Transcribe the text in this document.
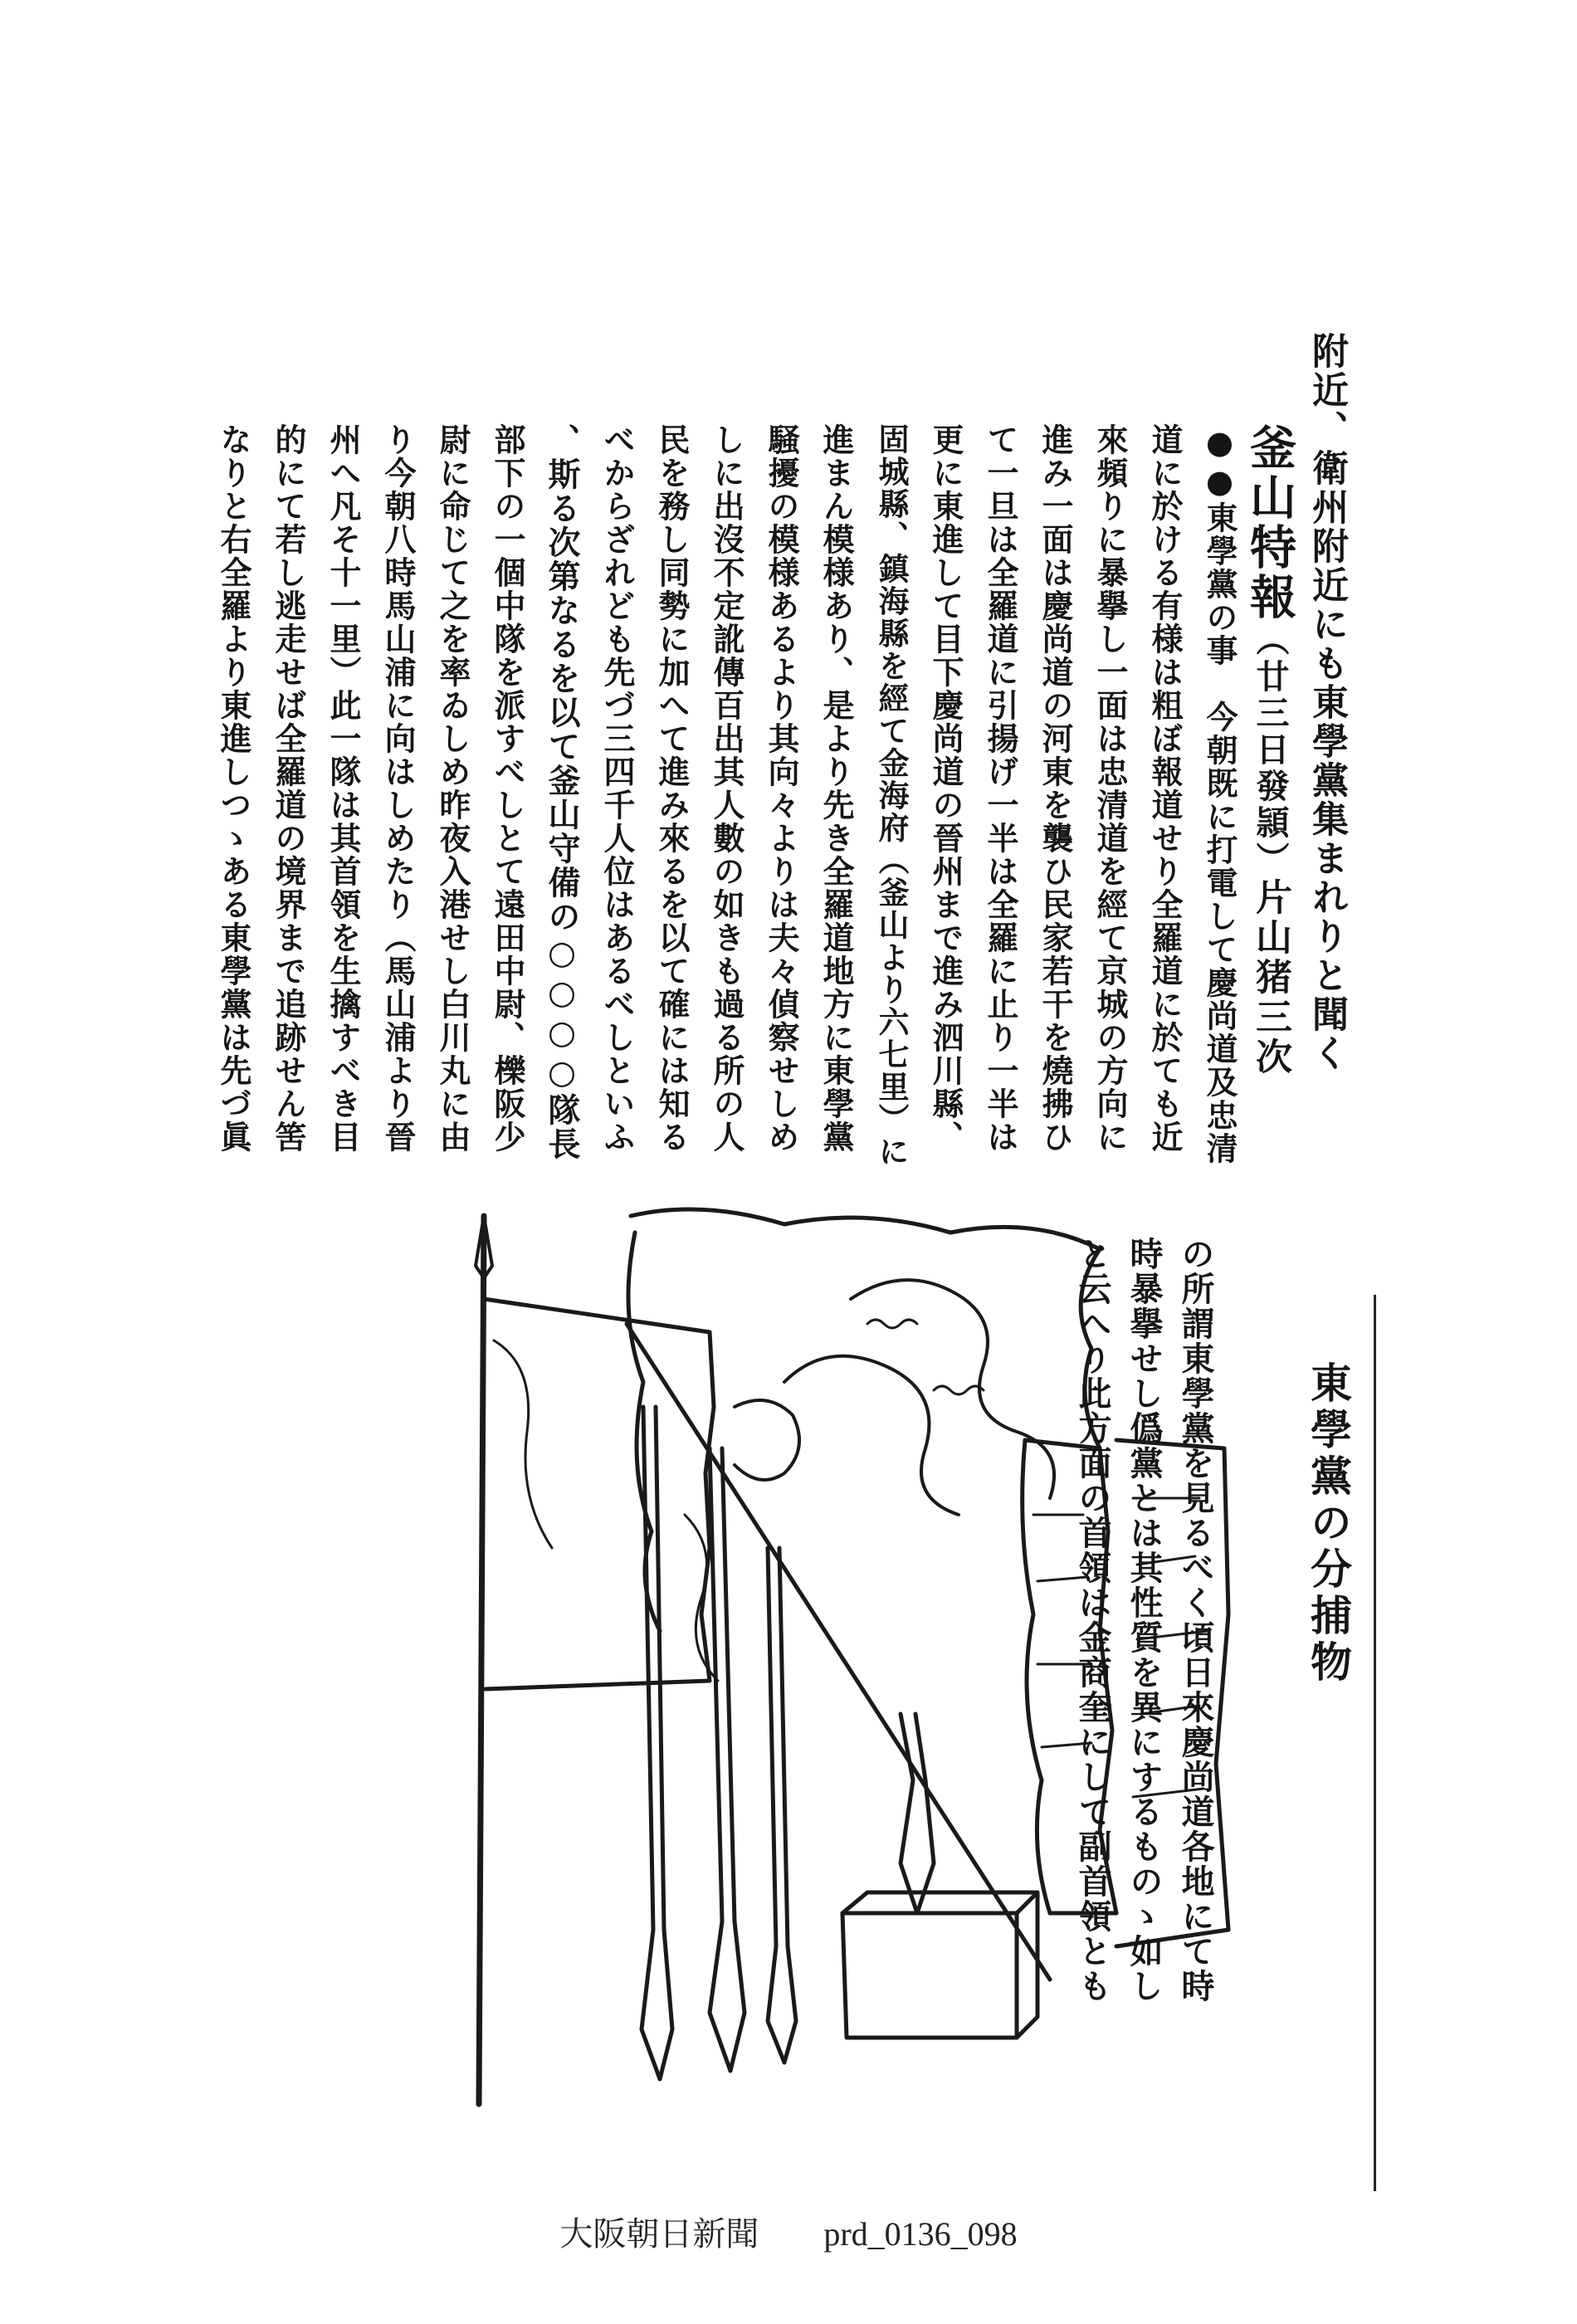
附近、衛州附近にも東學黨集まれりと聞く
釜山特報（廿三日發頴）片山猪三次
●●東學黨の事　今朝既に打電して慶尚道及忠清
道に於ける有様は粗ぼ報道せり全羅道に於ても近
來頻りに暴擧し一面は忠清道を經て京城の方向に
進み一面は慶尚道の河東を襲ひ民家若干を燒拂ひ
て一旦は全羅道に引揚げ一半は全羅に止り一半は
更に東進して目下慶尚道の晉州まで進み泗川縣、
固城縣、鎮海縣を經て金海府（釜山より六七里）に
進まん模様あり、是より先き全羅道地方に東學黨
騒擾の模様あるより其向々よりは夫々偵察せしめ
しに出沒不定訛傳百出其人數の如きも過る所の人
民を務し同勢に加へて進み來るを以て確には知る
べからざれども先づ三四千人位はあるべしといふ
、斯る次第なるを以て釜山守備の○○○○隊長
部下の一個中隊を派すべしとて遠田中尉、櫟阪少
尉に命じて之を率ゐしめ昨夜入港せし白川丸に由
り今朝八時馬山浦に向はしめたり（馬山浦より晉
州へ凡そ十一里）此一隊は其首領を生擒すべき目
的にて若し逃走せば全羅道の境界まで追跡せん筈
なりと右全羅より東進しつゝある東學黨は先づ眞
東學黨の分捕物
大阪朝日新聞 prd_0136_098
の所謂東學黨を見るべく頃日來慶尚道各地にて時
時暴擧せし僞黨とは其性質を異にするものゝ如し
と云へり此方面の首領は金商奎にして副首領とも
